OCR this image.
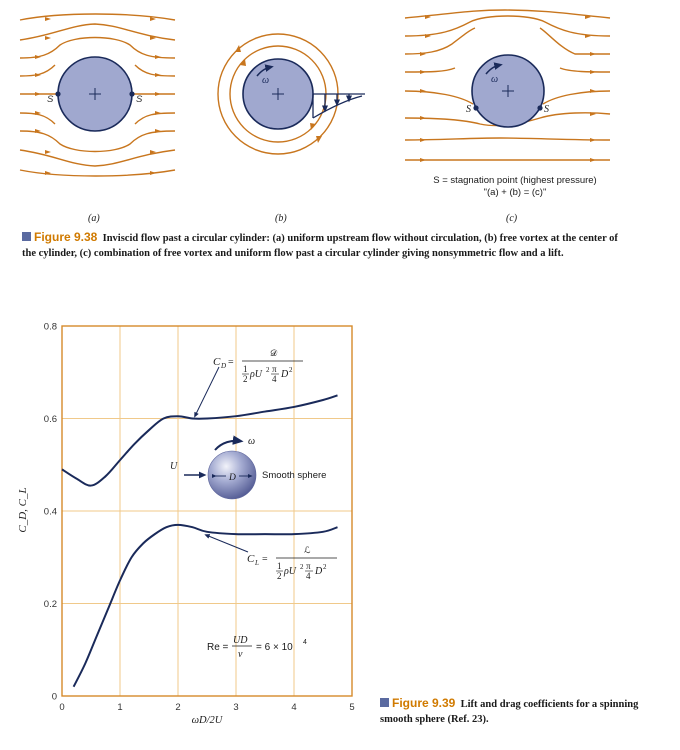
S	S
ω	ω
S	S
S = stagnation point (highest pressure)
"(a) + (b) = (c)"
(a)	(b)	(c)
Figure 9.38 Inviscid flow past a circular cylinder: (a) uniform upstream flow without circulation, (b) free vortex at the center of the cylinder, (c) combination of free vortex and uniform flow past a circular cylinder giving nonsymmetric flow and a lift.
0	1	2	3	4	5
0
0.2
0.4
0.6
0.8
C_D, C_L
ωD/2U
C D =
𝒟
1
2 ρU 2 π
4 D 2
ω
U
D	Smooth sphere
C L =
ℒ
1
2 ρU 2 π
4 D 2
Re =
UD
ν
= 6 × 10 4
Figure 9.39 Lift and drag coefficients for a spinning smooth sphere (Ref. 23).
